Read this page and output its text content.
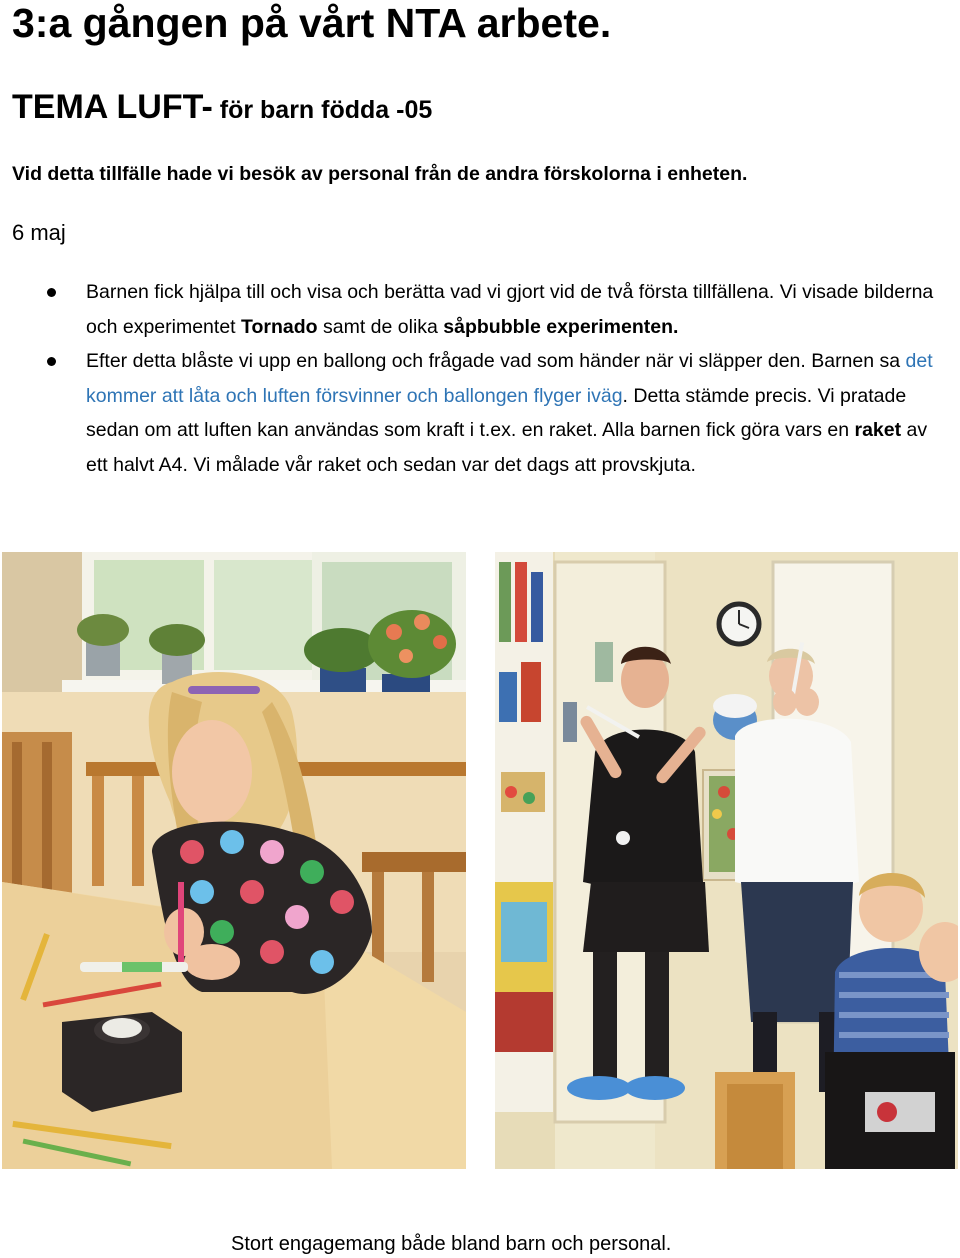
3:a gången på vårt NTA arbete.
TEMA LUFT- för barn födda -05
Vid detta tillfälle hade vi besök av personal från de andra förskolorna i enheten.
6 maj
Barnen fick hjälpa till och visa och berätta vad vi gjort vid de två första tillfällena. Vi visade bilderna och experimentet Tornado samt de olika såpbubble experimenten.
Efter detta blåste vi upp en ballong och frågade vad som händer när vi släpper den. Barnen sa det kommer att låta och luften försvinner och ballongen flyger iväg. Detta stämde precis. Vi pratade sedan om att luften kan användas som kraft i t.ex. en raket. Alla barnen fick göra vars en raket av ett halvt A4. Vi målade vår raket och sedan var det dags att provskjuta.
Stort engagemang både bland barn och personal.
